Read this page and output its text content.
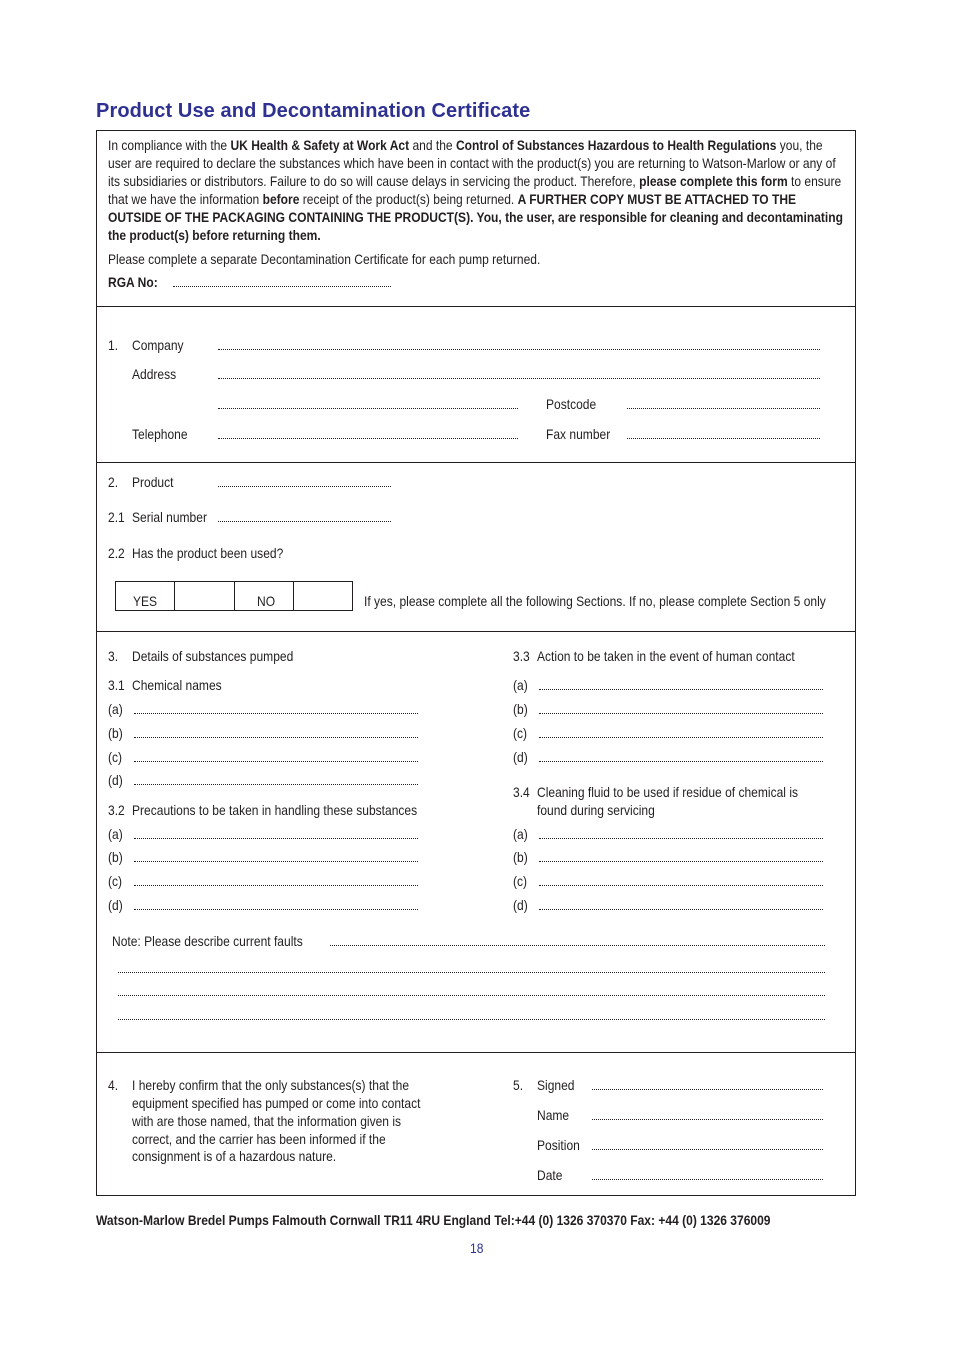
Product Use and Decontamination Certificate
In compliance with the UK Health & Safety at Work Act and the Control of Substances Hazardous to Health Regulations you, the user are required to declare the substances which have been in contact with the product(s) you are returning to Watson-Marlow or any of its subsidiaries or distributors. Failure to do so will cause delays in servicing the product. Therefore, please complete this form to ensure that we have the information before receipt of the product(s) being returned. A FURTHER COPY MUST BE ATTACHED TO THE OUTSIDE OF THE PACKAGING CONTAINING THE PRODUCT(S). You, the user, are responsible for cleaning and decontaminating the product(s) before returning them.
Please complete a separate Decontamination Certificate for each pump returned.
RGA No:
1. Company
Address
Postcode
Telephone	Fax number
2. Product
2.1 Serial number
2.2 Has the product been used?
YES	NO	If yes, please complete all the following Sections. If no, please complete Section 5 only
3. Details of substances pumped
3.1 Chemical names
(a)
(b)
(c)
(d)
3.2 Precautions to be taken in handling these substances
(a)
(b)
(c)
(d)
3.3 Action to be taken in the event of human contact
(a)
(b)
(c)
(d)
3.4 Cleaning fluid to be used if residue of chemical is
found during servicing
(a)
(b)
(c)
(d)
Note: Please describe current faults
4. I hereby confirm that the only substances(s) that the
equipment specified has pumped or come into contact
with are those named, that the information given is
correct, and the carrier has been informed if the
consignment is of a hazardous nature.
5. Signed
Name
Position
Date
Watson-Marlow Bredel Pumps Falmouth Cornwall TR11 4RU England Tel:+44 (0) 1326 370370 Fax: +44 (0) 1326 376009
18
